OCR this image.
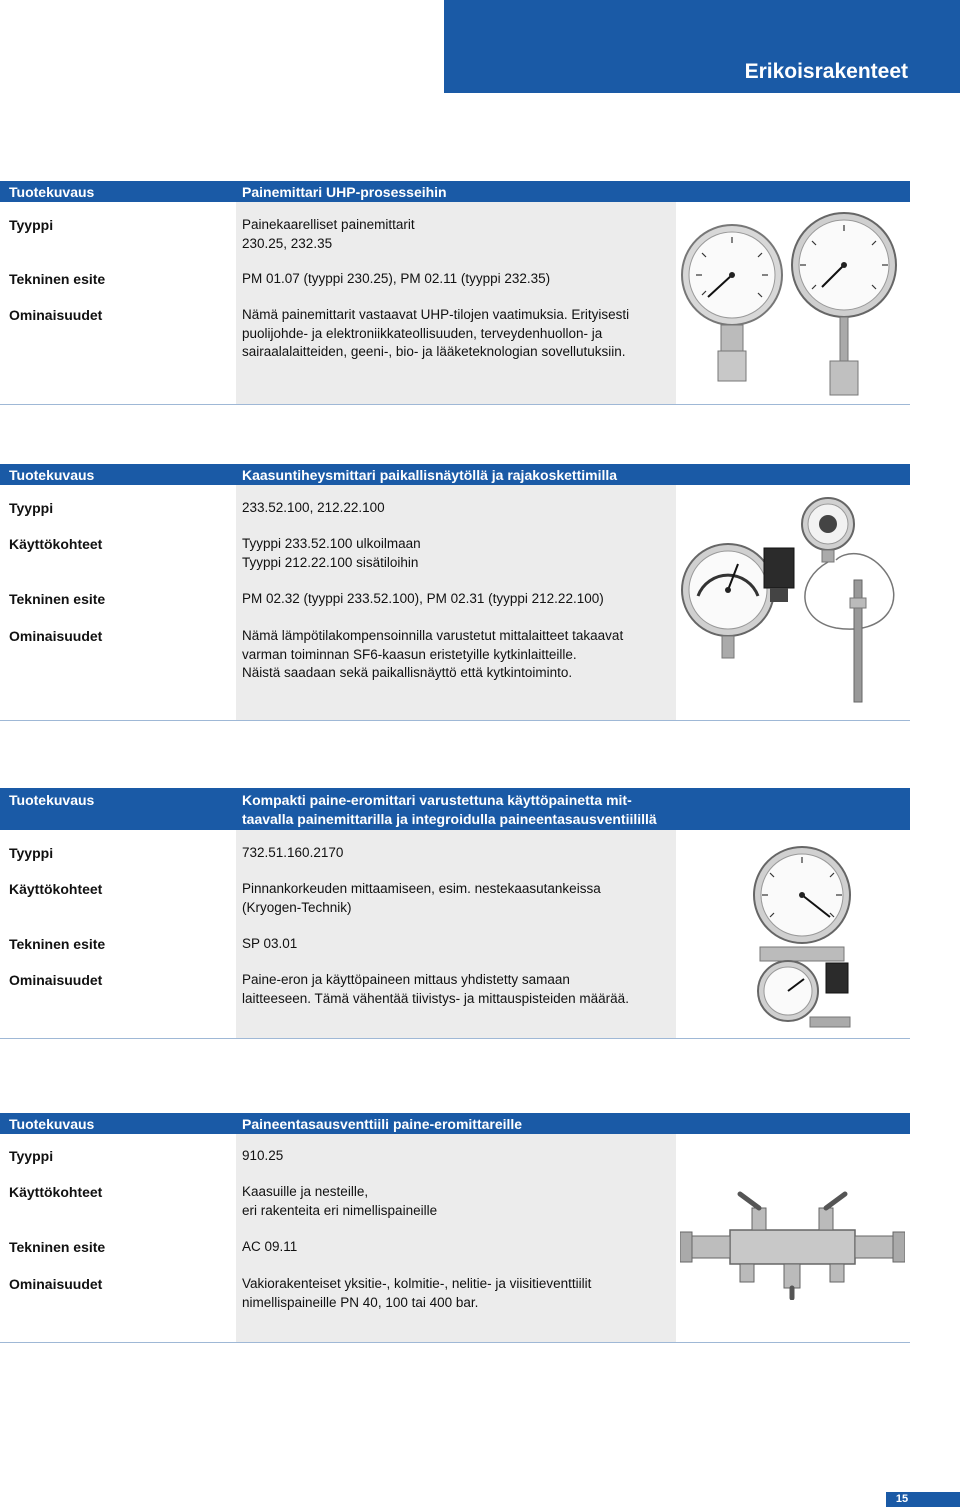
Erikoisrakenteet
Tuotekuvaus	Painemittari UHP-prosesseihin
Tyyppi	Painekaarelliset painemittarit
230.25, 232.35
Tekninen esite	PM 01.07 (tyyppi 230.25), PM 02.11 (tyyppi 232.35)
Ominaisuudet	Nämä painemittarit vastaavat UHP-tilojen vaatimuksia. Erityisesti
puolijohde- ja elektroniikkateollisuuden, terveydenhuollon- ja
sairaalalaitteiden, geeni-, bio- ja lääketeknologian sovellutuksiin.
Tuotekuvaus	Kaasuntiheysmittari paikallisnäytöllä ja rajakoskettimilla
Tyyppi	233.52.100, 212.22.100
Käyttökohteet	Tyyppi 233.52.100 ulkoilmaan
Tyyppi 212.22.100 sisätiloihin
Tekninen esite	PM 02.32 (tyyppi 233.52.100), PM 02.31 (tyyppi 212.22.100)
Ominaisuudet	Nämä lämpötilakompensoinnilla varustetut mittalaitteet takaavat
varman toiminnan SF6-kaasun eristetyille kytkinlaitteille.
Näistä saadaan sekä paikallisnäyttö että kytkintoiminto.
Tuotekuvaus	Kompakti paine-eromittari varustettuna käyttöpainetta mit-
taavalla painemittarilla ja integroidulla paineentasausventiilillä
Tyyppi	732.51.160.2170
Käyttökohteet	Pinnankorkeuden mittaamiseen, esim. nestekaasutankeissa
(Kryogen-Technik)
Tekninen esite	SP 03.01
Ominaisuudet	Paine-eron ja käyttöpaineen mittaus yhdistetty samaan
laitteeseen. Tämä vähentää tiivistys- ja mittauspisteiden määrää.
Tuotekuvaus	Paineentasausventtiili paine-eromittareille
Tyyppi	910.25
Käyttökohteet	Kaasuille ja nesteille,
eri rakenteita eri nimellispaineille
Tekninen esite	AC 09.11
Ominaisuudet	Vakiorakenteiset yksitie-, kolmitie-, nelitie- ja viisitieventtiilit
nimellispaineille PN 40, 100 tai 400 bar.
15
